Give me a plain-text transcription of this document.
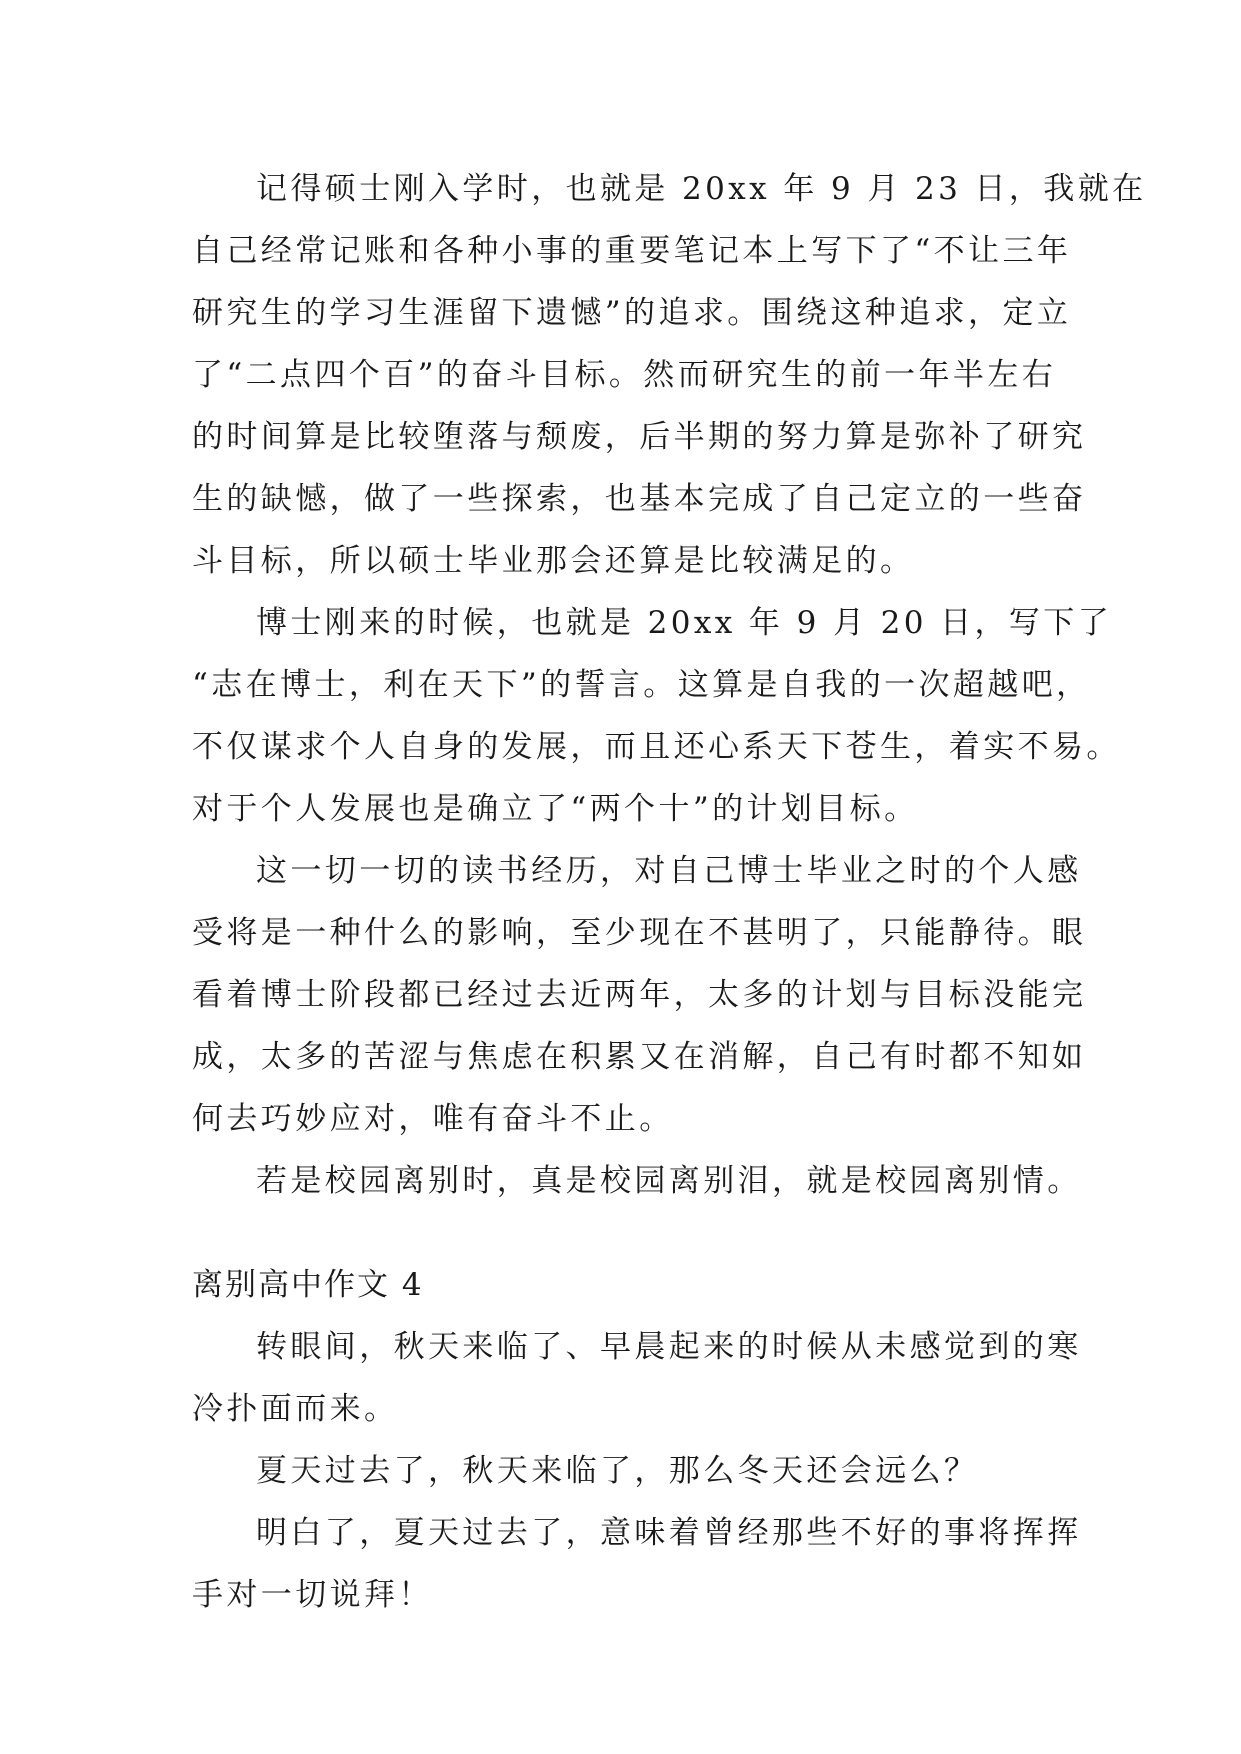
记得硕士刚入学时，也就是 20xx 年 9 月 23 日，我就在
自己经常记账和各种小事的重要笔记本上写下了“不让三年
研究生的学习生涯留下遗憾”的追求。围绕这种追求，定立
了“二点四个百”的奋斗目标。然而研究生的前一年半左右
的时间算是比较堕落与颓废，后半期的努力算是弥补了研究
生的缺憾，做了一些探索，也基本完成了自己定立的一些奋
斗目标，所以硕士毕业那会还算是比较满足的。
博士刚来的时候，也就是 20xx 年 9 月 20 日，写下了
“志在博士，利在天下”的誓言。这算是自我的一次超越吧，
不仅谋求个人自身的发展，而且还心系天下苍生，着实不易。
对于个人发展也是确立了“两个十”的计划目标。
这一切一切的读书经历，对自己博士毕业之时的个人感
受将是一种什么的影响，至少现在不甚明了，只能静待。眼
看着博士阶段都已经过去近两年，太多的计划与目标没能完
成，太多的苦涩与焦虑在积累又在消解，自己有时都不知如
何去巧妙应对，唯有奋斗不止。
若是校园离别时，真是校园离别泪，就是校园离别情。
离别高中作文 4
转眼间，秋天来临了、早晨起来的时候从未感觉到的寒
冷扑面而来。
夏天过去了，秋天来临了，那么冬天还会远么？
明白了，夏天过去了，意味着曾经那些不好的事将挥挥
手对一切说拜！
